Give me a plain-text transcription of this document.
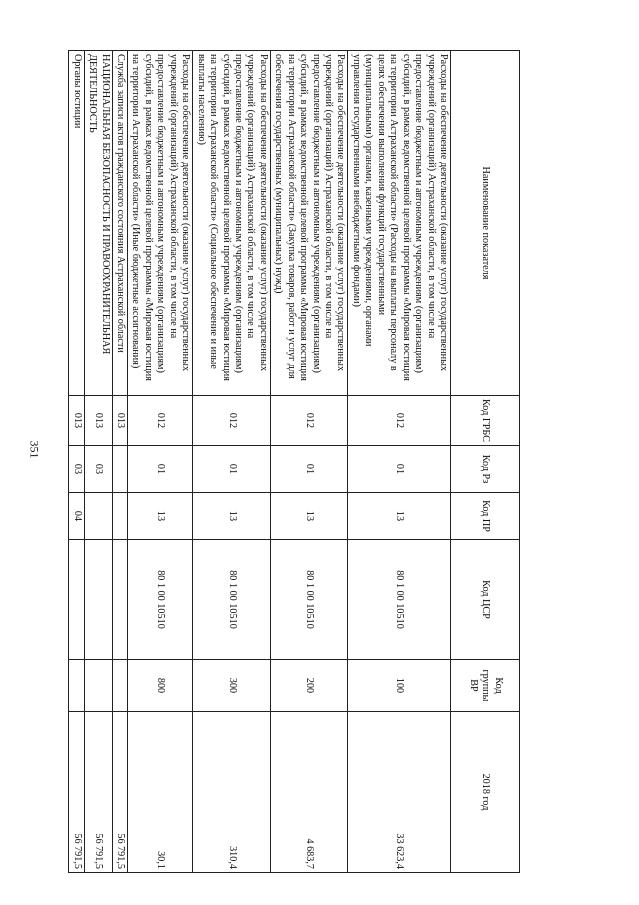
351
Наименование показателя	Код ГРБС	Код Рз	Код ПР	Код ЦСР	Код группы ВР	2018 год
Расходы на обеспечение деятельности (оказание услуг) государственных учреждений (организаций) Астраханской области, в том числе на предоставление бюджетным и автономным учреждениям (организациям) субсидий, в рамках ведомственной целевой программы «Мировая юстиция на территории Астраханской области» (Расходы на выплаты персоналу в целях обеспечения выполнения функций государственными (муниципальными) органами, казенными учреждениями, органами управления государственными внебюджетными фондами)	012	01	13	80 1 00 10510	100	33 623,4
Расходы на обеспечение деятельности (оказание услуг) государственных учреждений (организаций) Астраханской области, в том числе на предоставление бюджетным и автономным учреждениям (организациям) субсидий, в рамках ведомственной целевой программы «Мировая юстиция на территории Астраханской области» (Закупка товаров, работ и услуг для обеспечения государственных (муниципальных) нужд)	012	01	13	80 1 00 10510	200	4 683,7
Расходы на обеспечение деятельности (оказание услуг) государственных учреждений (организаций) Астраханской области, в том числе на предоставление бюджетным и автономным учреждениям (организациям) субсидий, в рамках ведомственной целевой программы «Мировая юстиция на территории Астраханской области» (Социальное обеспечение и иные выплаты населению)	012	01	13	80 1 00 10510	300	310,4
Расходы на обеспечение деятельности (оказание услуг) государственных учреждений (организаций) Астраханской области, в том числе на предоставление бюджетным и автономным учреждениям (организациям) субсидий, в рамках ведомственной целевой программы «Мировая юстиция на территории Астраханской области» (Иные бюджетные ассигнования)	012	01	13	80 1 00 10510	800	30,1
Служба записи актов гражданского состояния Астраханской области	013					56 791,5
НАЦИОНАЛЬНАЯ БЕЗОПАСНОСТЬ И ПРАВООХРАНИТЕЛЬНАЯ ДЕЯТЕЛЬНОСТЬ	013	03				56 791,5
Органы юстиции	013	03	04			56 791,5
